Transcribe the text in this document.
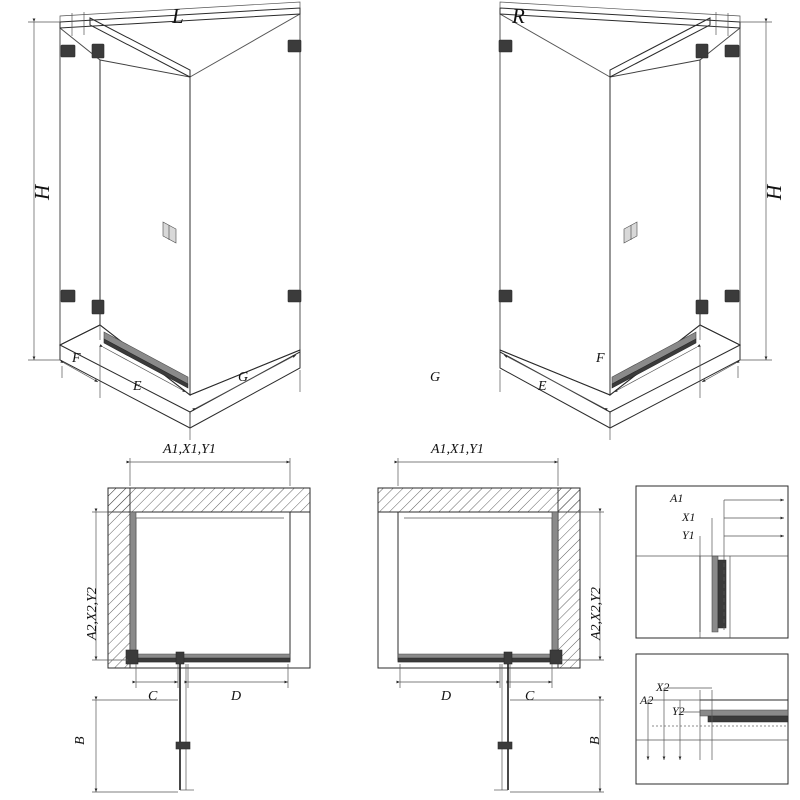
L	R
H	H
F
E
G
F
E
G
A1,X1,Y1	A1,X1,Y1
A2,X2,Y2	A2,X2,Y2
C	D
B
C
D
B
A1
X1
Y1
A2
X2
Y2
